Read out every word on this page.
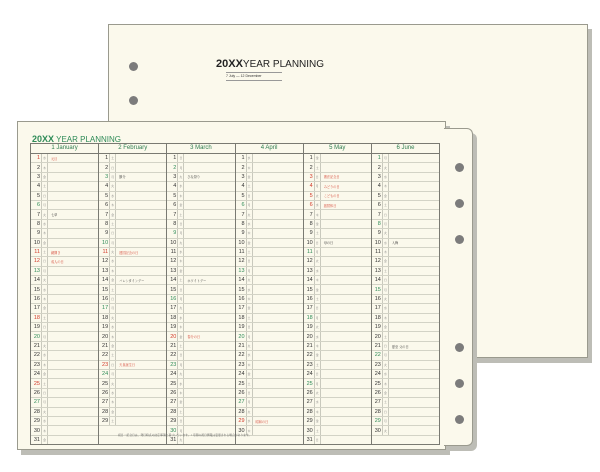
20XXYEAR PLANNING
7 July — 12 December
20XX YEAR PLANNING
1 January
1 水	元旦
2 木
3 金
4 土
5 日
6 月
7 火	七草
8 水
9 木
10 金
11 土	鏡開き
12 日	成人の日
13 月
14 火
15 水
16 木
17 金
18 土
19 日
20 月
21 火
22 水
23 木
24 金
25 土
26 日
27 月
28 火
29 水
30 木
31 金
2 February
1 土
2 日
3 月	節分
4 火
5 水
6 木
7 金
8 土
9 日
10 月
11 火	建国記念の日
12 水
13 木
14 金	バレンタインデー
15 土
16 日
17 月
18 火
19 水
20 木
21 金
22 土
23 日	天皇誕生日
24 月
25 火
26 水
27 木
28 金
29 土
3 March
1 日
2 月
3 火	ひな祭り
4 水
5 木
6 金
7 土
8 日
9 月
10 火
11 水
12 木
13 金
14 土	ホワイトデー
15 日
16 月
17 火
18 水
19 木
20 金	春分の日
21 土
22 日
23 月
24 火
25 水
26 木
27 金
28 土
29 日
30 月
31 火
4 April
1 水
2 木
3 金
4 土
5 日
6 月
7 火
8 水
9 木
10 金
11 土
12 日
13 月
14 火
15 水
16 木
17 金
18 土
19 日
20 月
21 火
22 水
23 木
24 金
25 土
26 日
27 月
28 火
29 水	昭和の日
30 木
5 May
1 金
2 土
3 日	憲法記念日
4 月	みどりの日
5 火	こどもの日
6 水	振替休日
7 木
8 金
9 土
10 日	母の日
11 月
12 火
13 水
14 木
15 金
16 土
17 日
18 月
19 火
20 水
21 木
22 金
23 土
24 日
25 月
26 火
27 水
28 木
29 金
30 土
31 日
6 June
1 月
2 火
3 水
4 木
5 金
6 土
7 日
8 月
9 火
10 水	入梅
11 木
12 金
13 土
14 日
15 月
16 火
17 水
18 木
19 金
20 土
21 日	夏至 父の日
22 月
23 火
24 水
25 木
26 金
27 土
28 日
29 月
30 火
祝日・記念日は、発行時点の決定事項に基づいています。 / 月間の祝日情報は変更される場合があります。
